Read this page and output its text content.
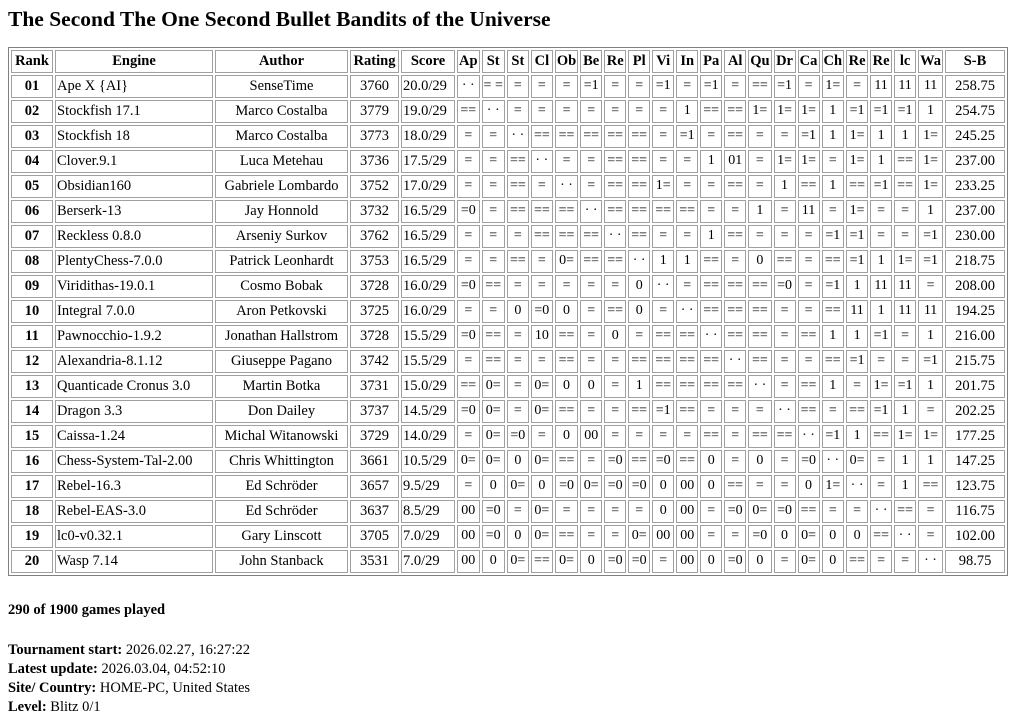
The Second The One Second Bullet Bandits of the Universe
Rank	Engine	Author	Rating	Score	Ap	St	St	Cl	Ob	Be	Re	Pl	Vi	In	Pa	Al	Qu	Dr	Ca	Ch	Re	Re	lc	Wa	S-B
01	Ape X {AI}	SenseTime	3760	20.0/29	· ·	= =	=	=	=	=1	=	=	=1	=	=1	=	==	=1	=	1=	=	11	11	11	258.75
02	Stockfish 17.1	Marco Costalba	3779	19.0/29	==	· ·	=	=	=	=	=	=	=	1	==	==	1=	1=	1=	1	=1	=1	=1	1	254.75
03	Stockfish 18	Marco Costalba	3773	18.0/29	=	=	· ·	==	==	==	==	==	=	=1	=	==	=	=	=1	1	1=	1	1	1=	245.25
04	Clover.9.1	Luca Metehau	3736	17.5/29	=	=	==	· ·	=	=	==	==	=	=	1	01	=	1=	1=	=	1=	1	==	1=	237.00
05	Obsidian160	Gabriele Lombardo	3752	17.0/29	=	=	==	=	· ·	=	==	==	1=	=	=	==	=	1	==	1	==	=1	==	1=	233.25
06	Berserk-13	Jay Honnold	3732	16.5/29	=0	=	==	==	==	· ·	==	==	==	==	=	=	1	=	11	=	1=	=	=	1	237.00
07	Reckless 0.8.0	Arseniy Surkov	3762	16.5/29	=	=	=	==	==	==	· ·	==	=	=	1	==	=	=	=	=1	=1	=	=	=1	230.00
08	PlentyChess-7.0.0	Patrick Leonhardt	3753	16.5/29	=	=	==	=	0=	==	==	· ·	1	1	==	=	0	==	=	==	=1	1	1=	=1	218.75
09	Viridithas-19.0.1	Cosmo Bobak	3728	16.0/29	=0	==	=	=	=	=	=	0	· ·	=	==	==	==	=0	=	=1	1	11	11	=	208.00
10	Integral 7.0.0	Aron Petkovski	3725	16.0/29	=	=	0	=0	0	=	==	0	=	· ·	==	==	==	=	=	==	11	1	11	11	194.25
11	Pawnocchio-1.9.2	Jonathan Hallstrom	3728	15.5/29	=0	==	=	10	==	=	0	=	==	==	· ·	==	==	=	==	1	1	=1	=	1	216.00
12	Alexandria-8.1.12	Giuseppe Pagano	3742	15.5/29	=	==	=	=	==	=	=	==	==	==	==	· ·	==	=	=	==	=1	=	=	=1	215.75
13	Quanticade Cronus 3.0	Martin Botka	3731	15.0/29	==	0=	=	0=	0	0	=	1	==	==	==	==	· ·	=	==	1	=	1=	=1	1	201.75
14	Dragon 3.3	Don Dailey	3737	14.5/29	=0	0=	=	0=	==	=	=	==	=1	==	=	=	=	· ·	==	=	==	=1	1	=	202.25
15	Caissa-1.24	Michal Witanowski	3729	14.0/29	=	0=	=0	=	0	00	=	=	=	=	==	=	==	==	· ·	=1	1	==	1=	1=	177.25
16	Chess-System-Tal-2.00	Chris Whittington	3661	10.5/29	0=	0=	0	0=	==	=	=0	==	=0	==	0	=	0	=	=0	· ·	0=	=	1	1	147.25
17	Rebel-16.3	Ed Schröder	3657	9.5/29	=	0	0=	0	=0	0=	=0	=0	0	00	0	==	=	=	0	1=	· ·	=	1	==	123.75
18	Rebel-EAS-3.0	Ed Schröder	3637	8.5/29	00	=0	=	0=	=	=	=	=	0	00	=	=0	0=	=0	==	=	=	· ·	==	=	116.75
19	lc0-v0.32.1	Gary Linscott	3705	7.0/29	00	=0	0	0=	==	=	=	0=	00	00	=	=	=0	0	0=	0	0	==	· ·	=	102.00
20	Wasp 7.14	John Stanback	3531	7.0/29	00	0	0=	==	0=	0	=0	=0	=	00	0	=0	0	=	0=	0	==	=	=	· ·	98.75
290 of 1900 games played
Tournament start: 2026.02.27, 16:27:22
Latest update: 2026.03.04, 04:52:10
Site/ Country: HOME-PC, United States
Level: Blitz 0/1
